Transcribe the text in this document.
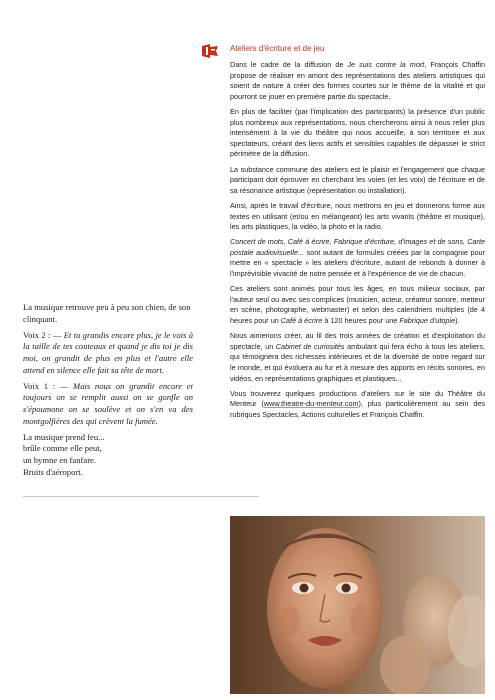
Ateliers d'écriture et de jeu

Dans le cadre de la diffusion de Je suis contre la mort, François Chaffin propose de réaliser en amont des représentations des ateliers artistiques qui soient de nature à créer des formes courtes sur le thème de la vitalité et qui pourront se jouer en première partie du spectacle.

En plus de faciliter (par l'implication des participants) la présence d'un public plus nombreux aux représentations, nous chercherons ainsi à nous relier plus intensément à la vie du théâtre qui nous accueille, à son territoire et aux spectateurs, créant des liens actifs et sensibles capables de dépasser le strict périmètre de la diffusion.

La substance commune des ateliers est le plaisir et l'engagement que chaque participant doit éprouver en cherchant les voies (et les voix) de l'écriture et de sa résonance artistique (représentation ou installation).

Ainsi, après le travail d'écriture, nous mettrons en jeu et donnerons forme aux textes en utilisant (et/ou en mélangeant) les arts vivants (théâtre et musique), les arts plastiques, la vidéo, la photo et la radio.

Concert de mots, Café à écrire, Fabrique d'écriture, d'images et de sons, Carte postale audiovisuelle... sont autant de formules créées par la compagnie pour mettre en « spectacle » les ateliers d'écriture, autant de rebonds à donner à l'imprévisible vivacité de notre pensée et à l'expérience de vie de chacun.

Ces ateliers sont animés pour tous les âges, en tous milieux sociaux, par l'auteur seul ou avec ses complices (musicien, acteur, créateur sonore, metteur en scène, photographe, webmaster) et selon des calendriers multiples (de 4 heures pour un Café à écrire à 120 heures pour une Fabrique d'utopie).

Nous aimerions créer, au fil des trois années de création et d'exploitation du spectacle, un Cabinet de curiosités ambulant qui fera écho à tous les ateliers, qui témoignera des richesses intérieures et de la diversité de notre regard sur le monde, et qui évoluera au fur et à mesure des apports en récits sonores, en vidéos, en représentations graphiques et plastiques...

Vous trouverez quelques productions d'ateliers sur le site du Théâtre du Menteur (www.theatre-du-menteur.com), plus particulièrement au sein des rubriques Spectacles, Actions culturelles et François Chaffin.

La musique retrouve peu à peu son chien, de son clinquant.

Voix 2 : — Et tu grandis encore plus, je le vois à la taille de tes couteaux et quand je dis toi je dis moi, on grandit de plus en plus et l'autre elle attend en silence elle fait sa tête de mort.

Voix 1 : — Mais nous on grandit encore et toujours on se remplit aussi on se gonfle on s'époumone on se soulève et on s'en va des montgolfières des qui crèvent la fumée.

La musique prend feu...
brûle comme elle peut,
un hymne en fanfare.
Bruits d'aéroport.
